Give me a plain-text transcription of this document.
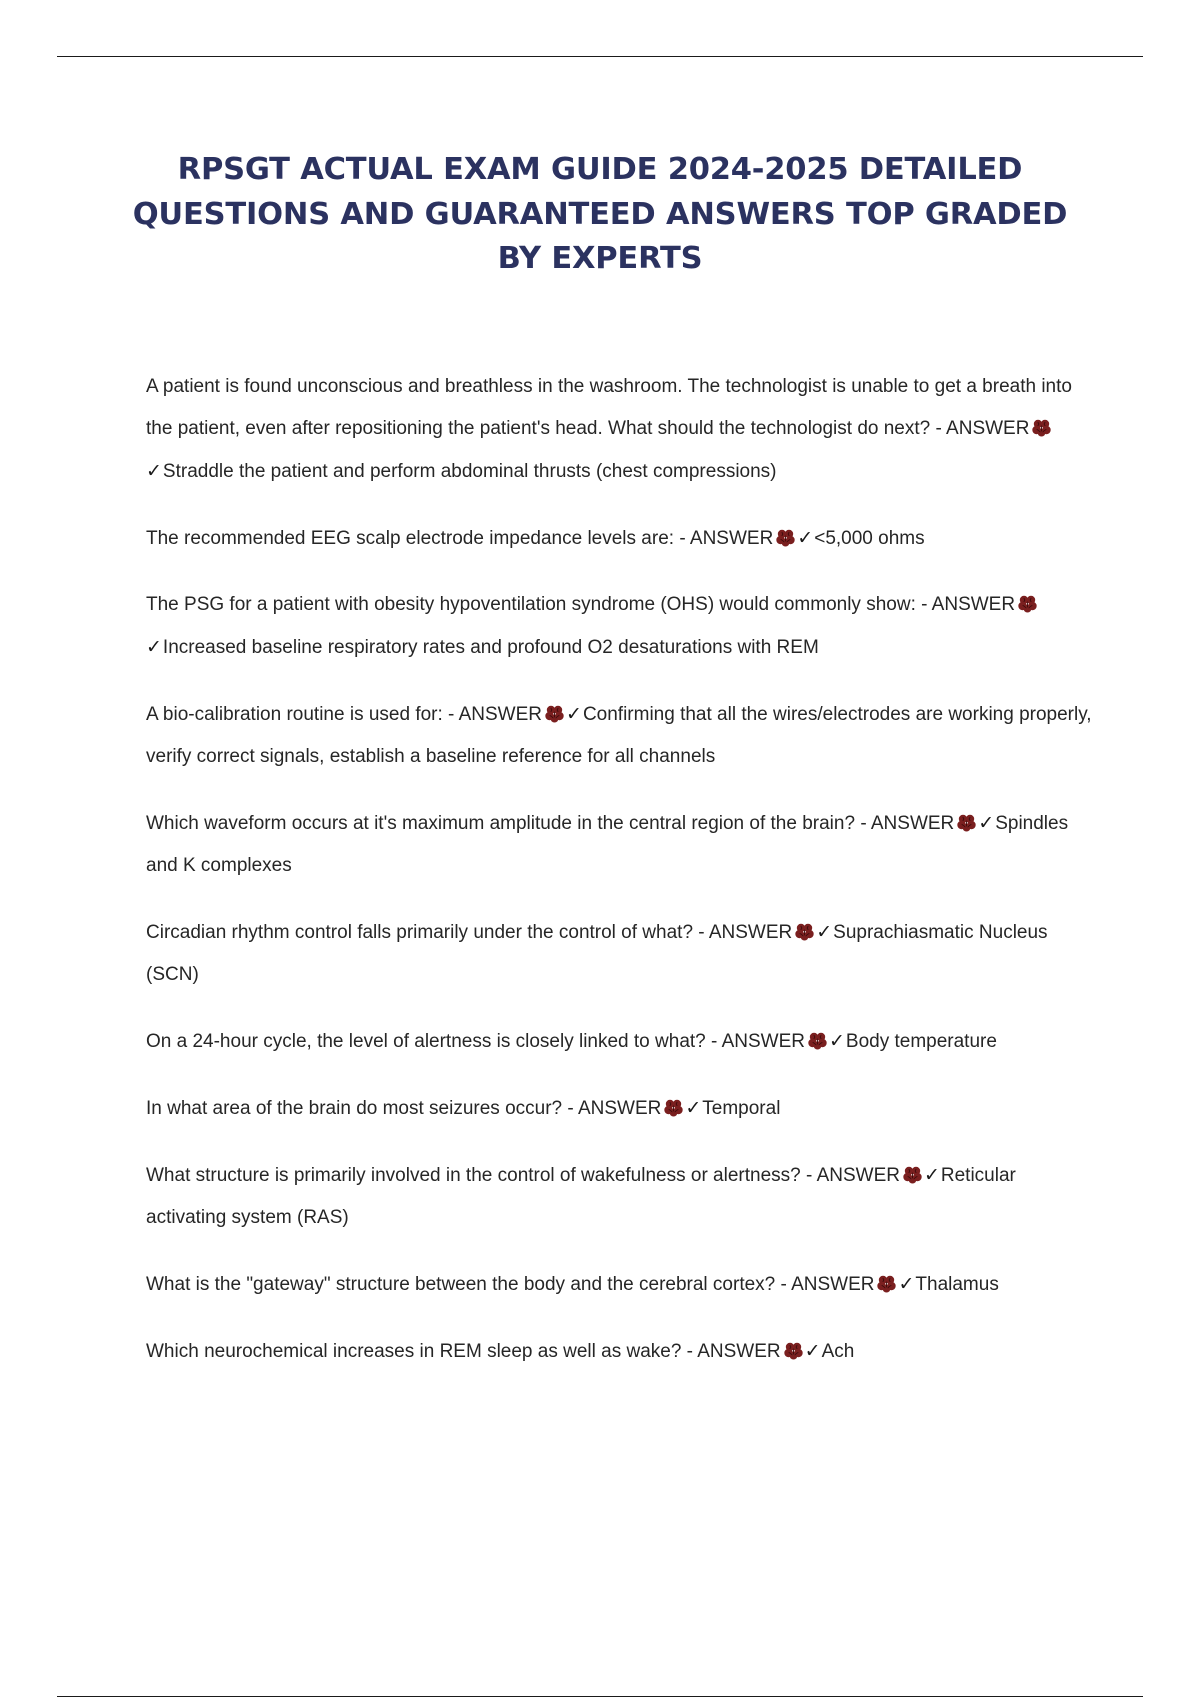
RPSGT ACTUAL EXAM GUIDE 2024-2025 DETAILED QUESTIONS AND GUARANTEED ANSWERS TOP GRADED BY EXPERTS
A patient is found unconscious and breathless in the washroom. The technologist is unable to get a breath into the patient, even after repositioning the patient's head. What should the technologist do next? - ANSWER✓Straddle the patient and perform abdominal thrusts (chest compressions)
The recommended EEG scalp electrode impedance levels are: - ANSWER ✓<5,000 ohms
The PSG for a patient with obesity hypoventilation syndrome (OHS) would commonly show: - ANSWER✓Increased baseline respiratory rates and profound O2 desaturations with REM
A bio-calibration routine is used for: - ANSWER ✓Confirming that all the wires/electrodes are working properly, verify correct signals, establish a baseline reference for all channels
Which waveform occurs at it's maximum amplitude in the central region of the brain? - ANSWER ✓Spindles and K complexes
Circadian rhythm control falls primarily under the control of what? - ANSWER ✓Suprachiasmatic Nucleus (SCN)
On a 24-hour cycle, the level of alertness is closely linked to what? - ANSWER ✓Body temperature
In what area of the brain do most seizures occur? - ANSWER ✓Temporal
What structure is primarily involved in the control of wakefulness or alertness? - ANSWER ✓Reticular activating system (RAS)
What is the "gateway" structure between the body and the cerebral cortex? - ANSWER ✓Thalamus
Which neurochemical increases in REM sleep as well as wake? - ANSWER ✓Ach
